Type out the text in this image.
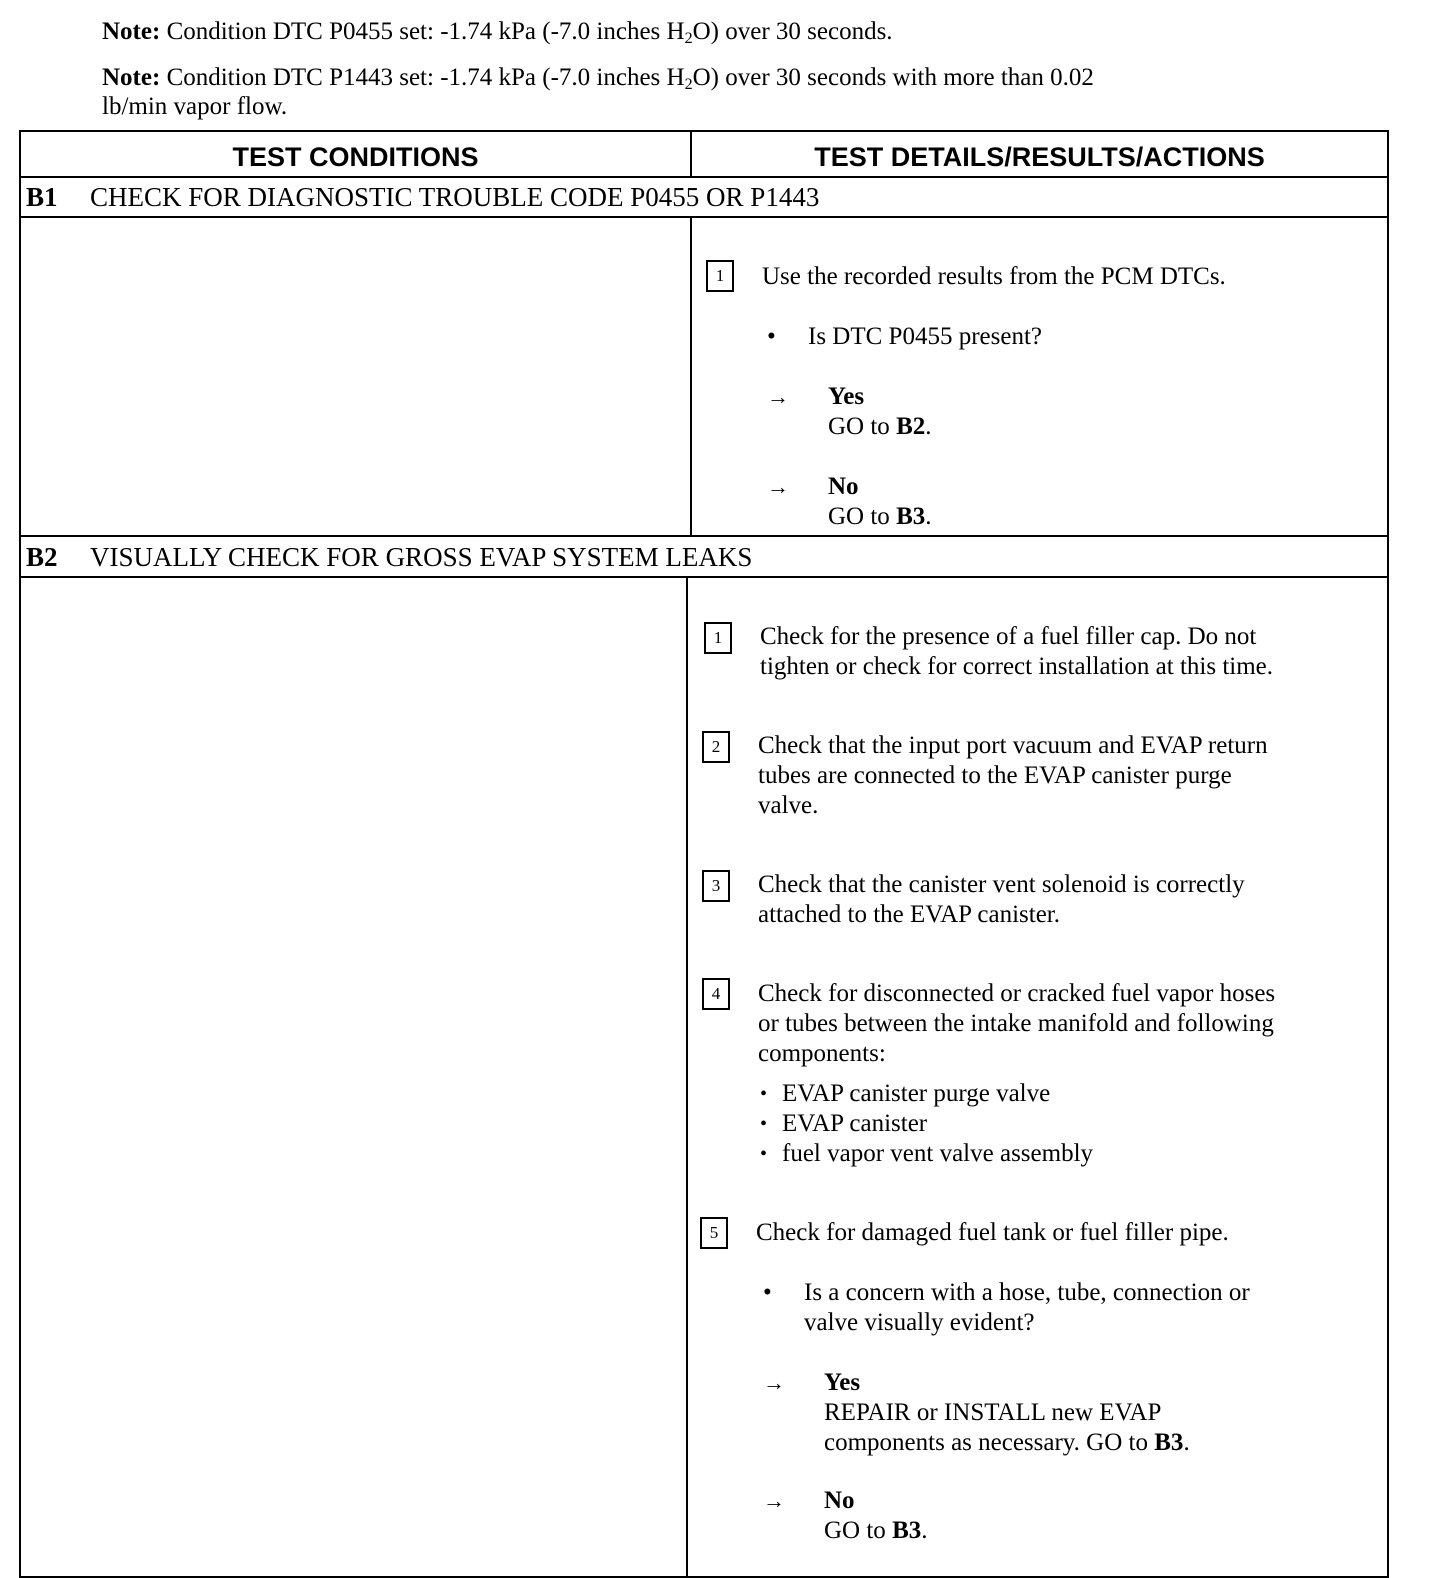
Note: Condition DTC P0455 set: -1.74 kPa (-7.0 inches $H_2O$) over 30 seconds.
Note: Condition DTC P1443 set: -1.74 kPa (-7.0 inches $H_2O$) over 30 seconds with more than 0.02
lb/min vapor flow.
TEST CONDITIONS	TEST DETAILS/RESULTS/ACTIONS
B1 CHECK FOR DIAGNOSTIC TROUBLE CODE P0455 OR P1443
1	Use the recorded results from the PCM DTCs.
• Is DTC P0455 present?
→ Yes
GO to B2.
→ No
GO to B3.
B2 VISUALLY CHECK FOR GROSS EVAP SYSTEM LEAKS
1	Check for the presence of a fuel filler cap. Do not
tighten or check for correct installation at this time.
2	Check that the input port vacuum and EVAP return
tubes are connected to the EVAP canister purge
valve.
3	Check that the canister vent solenoid is correctly
attached to the EVAP canister.
4	Check for disconnected or cracked fuel vapor hoses
or tubes between the intake manifold and following
components:
• EVAP canister purge valve
• EVAP canister
• fuel vapor vent valve assembly
5	Check for damaged fuel tank or fuel filler pipe.
• Is a concern with a hose, tube, connection or
valve visually evident?
→ Yes
REPAIR or INSTALL new EVAP
components as necessary. GO to B3.
→ No
GO to B3.
